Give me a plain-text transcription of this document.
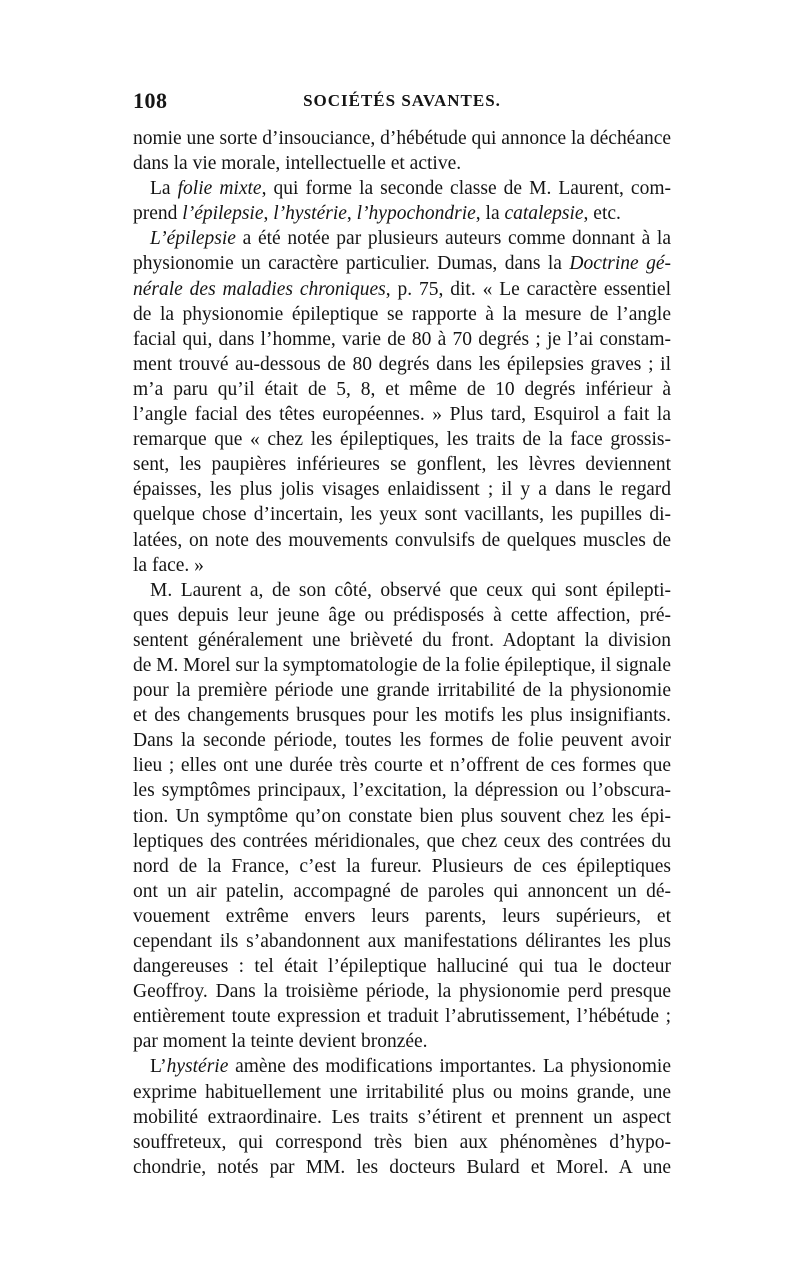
108	SOCIÉTÉS SAVANTES.
nomie une sorte d’insouciance, d’hébétude qui annonce la déchéance
dans la vie morale, intellectuelle et active.
La folie mixte, qui forme la seconde classe de M. Laurent, com-
prend l’épilepsie, l’hystérie, l’hypochondrie, la catalepsie, etc.
L’épilepsie a été notée par plusieurs auteurs comme donnant à la
physionomie un caractère particulier. Dumas, dans la Doctrine gé-
nérale des maladies chroniques, p. 75, dit. « Le caractère essentiel
de la physionomie épileptique se rapporte à la mesure de l’angle
facial qui, dans l’homme, varie de 80 à 70 degrés ; je l’ai constam-
ment trouvé au-dessous de 80 degrés dans les épilepsies graves ; il
m’a paru qu’il était de 5, 8, et même de 10 degrés inférieur à
l’angle facial des têtes européennes. » Plus tard, Esquirol a fait la
remarque que « chez les épileptiques, les traits de la face grossis-
sent, les paupières inférieures se gonflent, les lèvres deviennent
épaisses, les plus jolis visages enlaidissent ; il y a dans le regard
quelque chose d’incertain, les yeux sont vacillants, les pupilles di-
latées, on note des mouvements convulsifs de quelques muscles de
la face. »
M. Laurent a, de son côté, observé que ceux qui sont épilepti-
ques depuis leur jeune âge ou prédisposés à cette affection, pré-
sentent généralement une brièveté du front. Adoptant la division
de M. Morel sur la symptomatologie de la folie épileptique, il signale
pour la première période une grande irritabilité de la physionomie
et des changements brusques pour les motifs les plus insignifiants.
Dans la seconde période, toutes les formes de folie peuvent avoir
lieu ; elles ont une durée très courte et n’offrent de ces formes que
les symptômes principaux, l’excitation, la dépression ou l’obscura-
tion. Un symptôme qu’on constate bien plus souvent chez les épi-
leptiques des contrées méridionales, que chez ceux des contrées du
nord de la France, c’est la fureur. Plusieurs de ces épileptiques
ont un air patelin, accompagné de paroles qui annoncent un dé-
vouement extrême envers leurs parents, leurs supérieurs, et
cependant ils s’abandonnent aux manifestations délirantes les plus
dangereuses : tel était l’épileptique halluciné qui tua le docteur
Geoffroy. Dans la troisième période, la physionomie perd presque
entièrement toute expression et traduit l’abrutissement, l’hébétude ;
par moment la teinte devient bronzée.
L’hystérie amène des modifications importantes. La physionomie
exprime habituellement une irritabilité plus ou moins grande, une
mobilité extraordinaire. Les traits s’étirent et prennent un aspect
souffreteux, qui correspond très bien aux phénomènes d’hypo-
chondrie, notés par MM. les docteurs Bulard et Morel. A une
